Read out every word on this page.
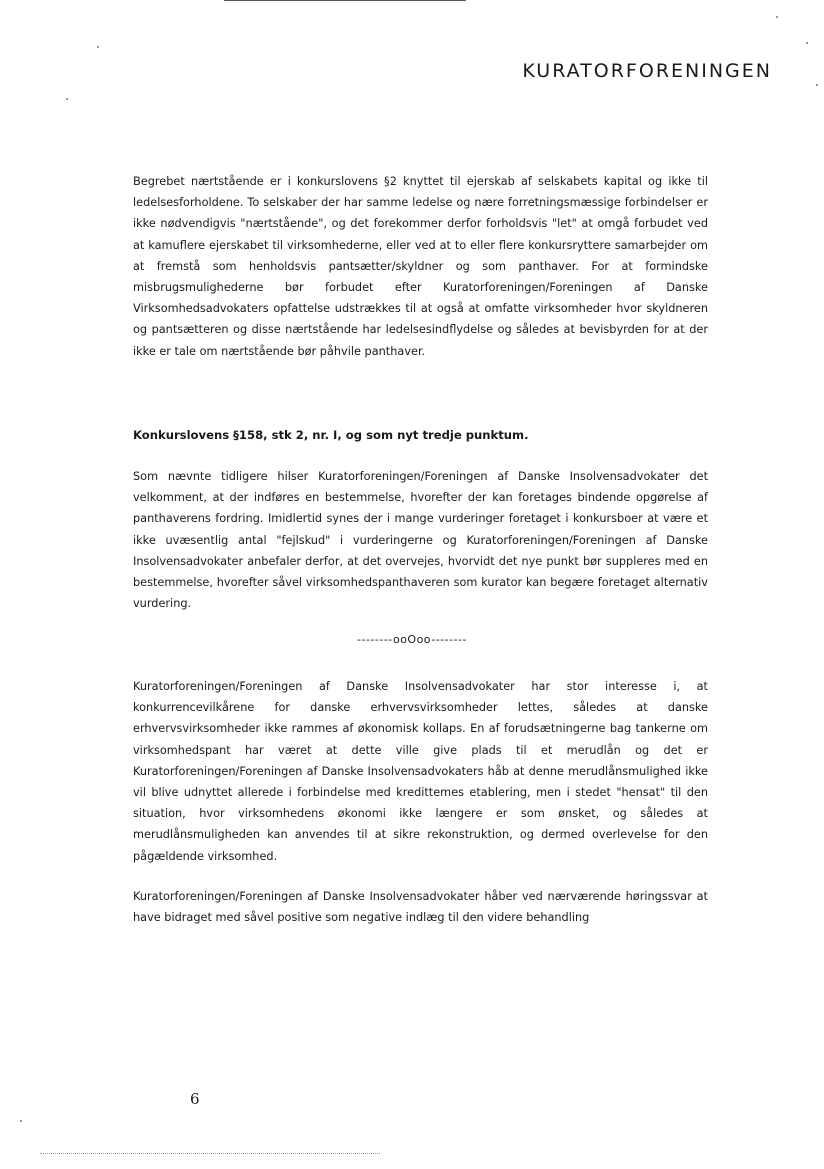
KURATORFORENINGEN

Begrebet nærtstående er i konkurslovens §2 knyttet til ejerskab af selskabets kapital og ikke til ledelsesforholdene. To selskaber der har samme ledelse og nære forretningsmæssige forbindelser er ikke nødvendigvis "nærtstående", og det forekommer derfor forholdsvis "let" at omgå forbudet ved at kamuflere ejerskabet til virksomhederne, eller ved at to eller flere konkursryttere samarbejder om at fremstå som henholdsvis pantsætter/skyldner og som panthaver. For at formindske misbrugsmulighederne bør forbudet efter Kuratorforeningen/Foreningen af Danske Virksomhedsadvokaters opfattelse udstrækkes til at også at omfatte virksomheder hvor skyldneren og pantsætteren og disse nærtstående har ledelsesindflydelse og således at bevisbyrden for at der ikke er tale om nærtstående bør påhvile panthaver.

Konkurslovens §158, stk 2, nr. I, og som nyt tredje punktum.

Som nævnte tidligere hilser Kuratorforeningen/Foreningen af Danske Insolvensadvokater det velkomment, at der indføres en bestemmelse, hvorefter der kan foretages bindende opgørelse af panthaverens fordring. Imidlertid synes der i mange vurderinger foretaget i konkursboer at være et ikke uvæsentlig antal "fejlskud" i vurderingerne og Kuratorforeningen/Foreningen af Danske Insolvensadvokater anbefaler derfor, at det overvejes, hvorvidt det nye punkt bør suppleres med en bestemmelse, hvorefter såvel virksomhedspanthaveren som kurator kan begære foretaget alternativ vurdering.

--------ooOoo--------

Kuratorforeningen/Foreningen af Danske Insolvensadvokater har stor interesse i, at konkurrencevilkårene for danske erhvervsvirksomheder lettes, således at danske erhvervsvirksomheder ikke rammes af økonomisk kollaps. En af forudsætningerne bag tankerne om virksomhedspant har været at dette ville give plads til et merudlån og det er Kuratorforeningen/Foreningen af Danske Insolvensadvokaters håb at denne merudlånsmulighed ikke vil blive udnyttet allerede i forbindelse med kredittemes etablering, men i stedet "hensat" til den situation, hvor virksomhedens økonomi ikke længere er som ønsket, og således at merudlånsmuligheden kan anvendes til at sikre rekonstruktion, og dermed overlevelse for den pågældende virksomhed.

Kuratorforeningen/Foreningen af Danske Insolvensadvokater håber ved nærværende høringssvar at have bidraget med såvel positive som negative indlæg til den videre behandling

6
